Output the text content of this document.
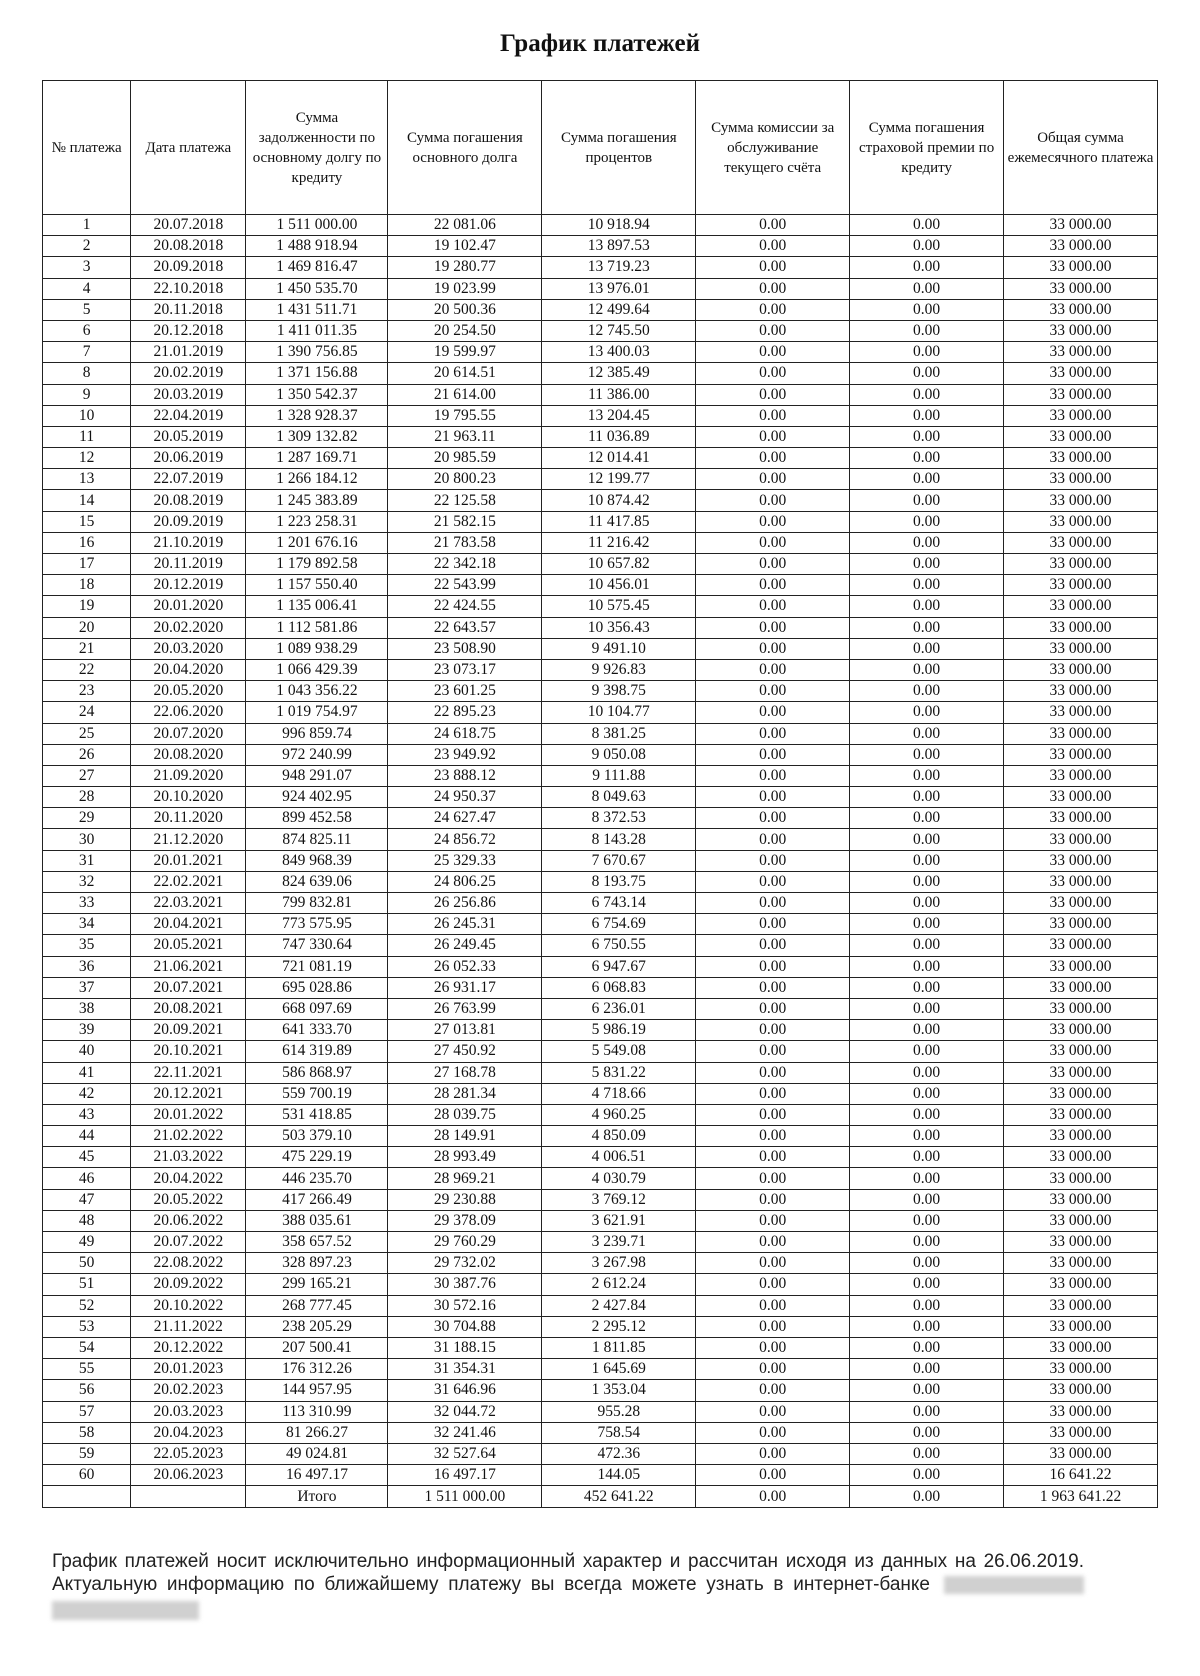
График платежей
№ платежа	Дата платежа	Сумма задолженности по основному долгу по кредиту	Сумма погашения основного долга	Сумма погашения процентов	Сумма комиссии за обслуживание текущего счёта	Сумма погашения страховой премии по кредиту	Общая сумма ежемесячного платежа
1	20.07.2018	1 511 000.00	22 081.06	10 918.94	0.00	0.00	33 000.00
2	20.08.2018	1 488 918.94	19 102.47	13 897.53	0.00	0.00	33 000.00
3	20.09.2018	1 469 816.47	19 280.77	13 719.23	0.00	0.00	33 000.00
4	22.10.2018	1 450 535.70	19 023.99	13 976.01	0.00	0.00	33 000.00
5	20.11.2018	1 431 511.71	20 500.36	12 499.64	0.00	0.00	33 000.00
6	20.12.2018	1 411 011.35	20 254.50	12 745.50	0.00	0.00	33 000.00
7	21.01.2019	1 390 756.85	19 599.97	13 400.03	0.00	0.00	33 000.00
8	20.02.2019	1 371 156.88	20 614.51	12 385.49	0.00	0.00	33 000.00
9	20.03.2019	1 350 542.37	21 614.00	11 386.00	0.00	0.00	33 000.00
10	22.04.2019	1 328 928.37	19 795.55	13 204.45	0.00	0.00	33 000.00
11	20.05.2019	1 309 132.82	21 963.11	11 036.89	0.00	0.00	33 000.00
12	20.06.2019	1 287 169.71	20 985.59	12 014.41	0.00	0.00	33 000.00
13	22.07.2019	1 266 184.12	20 800.23	12 199.77	0.00	0.00	33 000.00
14	20.08.2019	1 245 383.89	22 125.58	10 874.42	0.00	0.00	33 000.00
15	20.09.2019	1 223 258.31	21 582.15	11 417.85	0.00	0.00	33 000.00
16	21.10.2019	1 201 676.16	21 783.58	11 216.42	0.00	0.00	33 000.00
17	20.11.2019	1 179 892.58	22 342.18	10 657.82	0.00	0.00	33 000.00
18	20.12.2019	1 157 550.40	22 543.99	10 456.01	0.00	0.00	33 000.00
19	20.01.2020	1 135 006.41	22 424.55	10 575.45	0.00	0.00	33 000.00
20	20.02.2020	1 112 581.86	22 643.57	10 356.43	0.00	0.00	33 000.00
21	20.03.2020	1 089 938.29	23 508.90	9 491.10	0.00	0.00	33 000.00
22	20.04.2020	1 066 429.39	23 073.17	9 926.83	0.00	0.00	33 000.00
23	20.05.2020	1 043 356.22	23 601.25	9 398.75	0.00	0.00	33 000.00
24	22.06.2020	1 019 754.97	22 895.23	10 104.77	0.00	0.00	33 000.00
25	20.07.2020	996 859.74	24 618.75	8 381.25	0.00	0.00	33 000.00
26	20.08.2020	972 240.99	23 949.92	9 050.08	0.00	0.00	33 000.00
27	21.09.2020	948 291.07	23 888.12	9 111.88	0.00	0.00	33 000.00
28	20.10.2020	924 402.95	24 950.37	8 049.63	0.00	0.00	33 000.00
29	20.11.2020	899 452.58	24 627.47	8 372.53	0.00	0.00	33 000.00
30	21.12.2020	874 825.11	24 856.72	8 143.28	0.00	0.00	33 000.00
31	20.01.2021	849 968.39	25 329.33	7 670.67	0.00	0.00	33 000.00
32	22.02.2021	824 639.06	24 806.25	8 193.75	0.00	0.00	33 000.00
33	22.03.2021	799 832.81	26 256.86	6 743.14	0.00	0.00	33 000.00
34	20.04.2021	773 575.95	26 245.31	6 754.69	0.00	0.00	33 000.00
35	20.05.2021	747 330.64	26 249.45	6 750.55	0.00	0.00	33 000.00
36	21.06.2021	721 081.19	26 052.33	6 947.67	0.00	0.00	33 000.00
37	20.07.2021	695 028.86	26 931.17	6 068.83	0.00	0.00	33 000.00
38	20.08.2021	668 097.69	26 763.99	6 236.01	0.00	0.00	33 000.00
39	20.09.2021	641 333.70	27 013.81	5 986.19	0.00	0.00	33 000.00
40	20.10.2021	614 319.89	27 450.92	5 549.08	0.00	0.00	33 000.00
41	22.11.2021	586 868.97	27 168.78	5 831.22	0.00	0.00	33 000.00
42	20.12.2021	559 700.19	28 281.34	4 718.66	0.00	0.00	33 000.00
43	20.01.2022	531 418.85	28 039.75	4 960.25	0.00	0.00	33 000.00
44	21.02.2022	503 379.10	28 149.91	4 850.09	0.00	0.00	33 000.00
45	21.03.2022	475 229.19	28 993.49	4 006.51	0.00	0.00	33 000.00
46	20.04.2022	446 235.70	28 969.21	4 030.79	0.00	0.00	33 000.00
47	20.05.2022	417 266.49	29 230.88	3 769.12	0.00	0.00	33 000.00
48	20.06.2022	388 035.61	29 378.09	3 621.91	0.00	0.00	33 000.00
49	20.07.2022	358 657.52	29 760.29	3 239.71	0.00	0.00	33 000.00
50	22.08.2022	328 897.23	29 732.02	3 267.98	0.00	0.00	33 000.00
51	20.09.2022	299 165.21	30 387.76	2 612.24	0.00	0.00	33 000.00
52	20.10.2022	268 777.45	30 572.16	2 427.84	0.00	0.00	33 000.00
53	21.11.2022	238 205.29	30 704.88	2 295.12	0.00	0.00	33 000.00
54	20.12.2022	207 500.41	31 188.15	1 811.85	0.00	0.00	33 000.00
55	20.01.2023	176 312.26	31 354.31	1 645.69	0.00	0.00	33 000.00
56	20.02.2023	144 957.95	31 646.96	1 353.04	0.00	0.00	33 000.00
57	20.03.2023	113 310.99	32 044.72	955.28	0.00	0.00	33 000.00
58	20.04.2023	81 266.27	32 241.46	758.54	0.00	0.00	33 000.00
59	22.05.2023	49 024.81	32 527.64	472.36	0.00	0.00	33 000.00
60	20.06.2023	16 497.17	16 497.17	144.05	0.00	0.00	16 641.22
		Итого	1 511 000.00	452 641.22	0.00	0.00	1 963 641.22

График платежей носит исключительно информационный характер и рассчитан исходя из данных на 26.06.2019.
Актуальную информацию по ближайшему платежу вы всегда можете узнать в интернет-банке
